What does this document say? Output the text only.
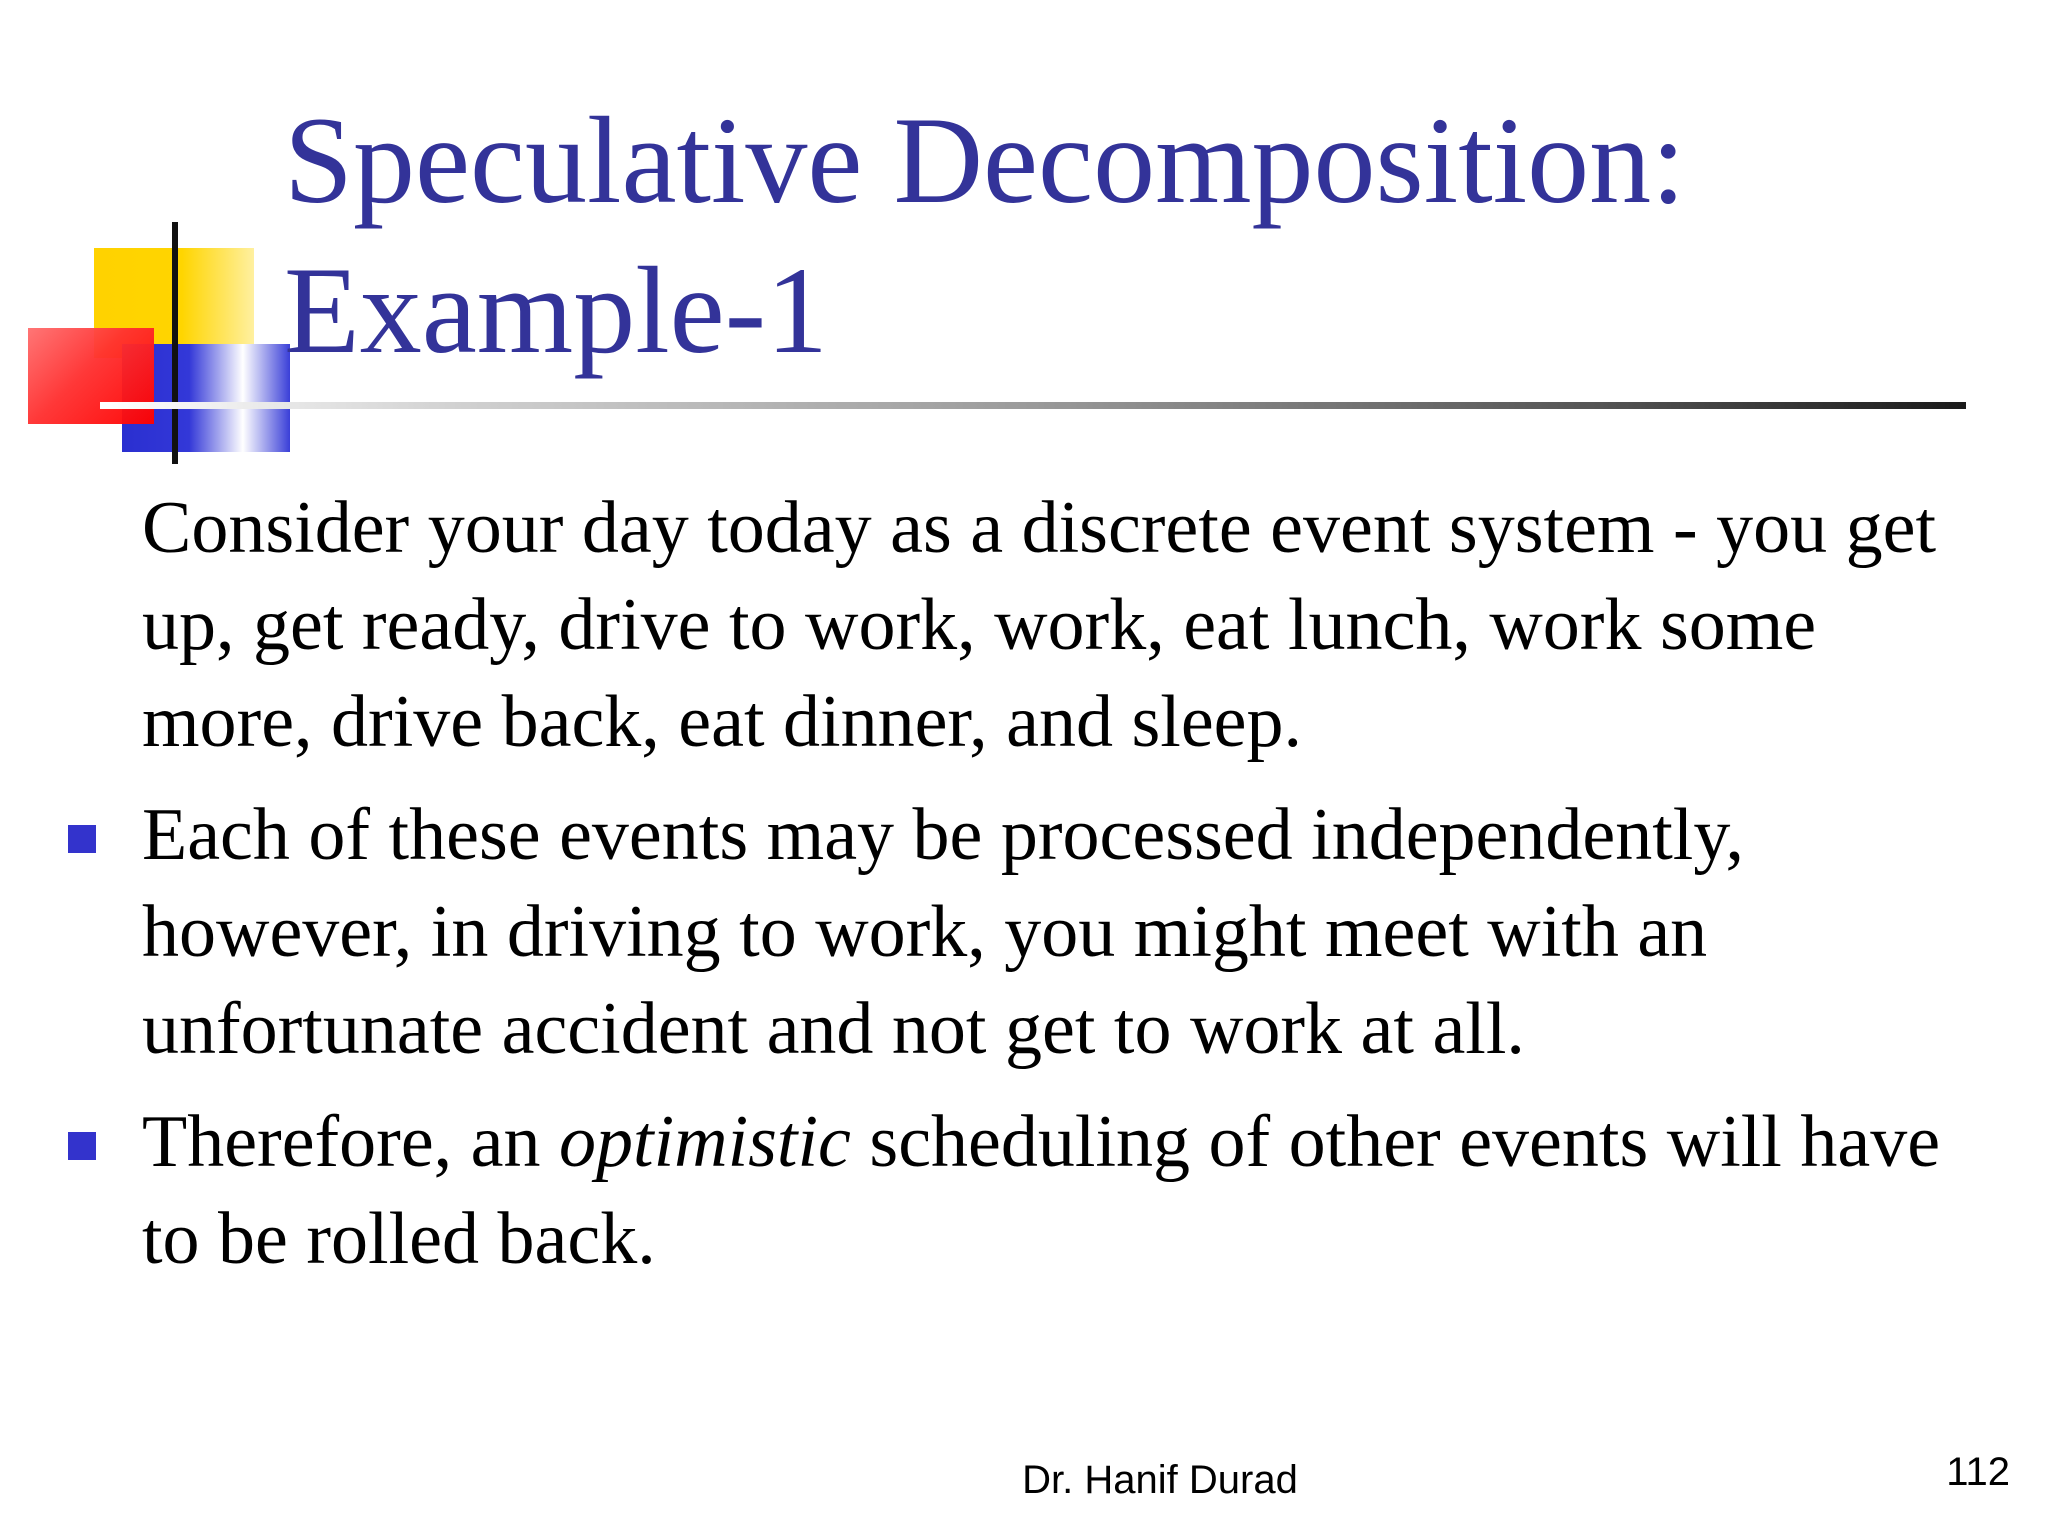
Speculative Decomposition:
Example-1

Consider your day today as a discrete event system - you get up, get ready, drive to work, work, eat lunch, work some more, drive back, eat dinner, and sleep.

Each of these events may be processed independently, however, in driving to work, you might meet with an unfortunate accident and not get to work at all.

Therefore, an optimistic scheduling of other events will have to be rolled back.

Dr. Hanif Durad	112
